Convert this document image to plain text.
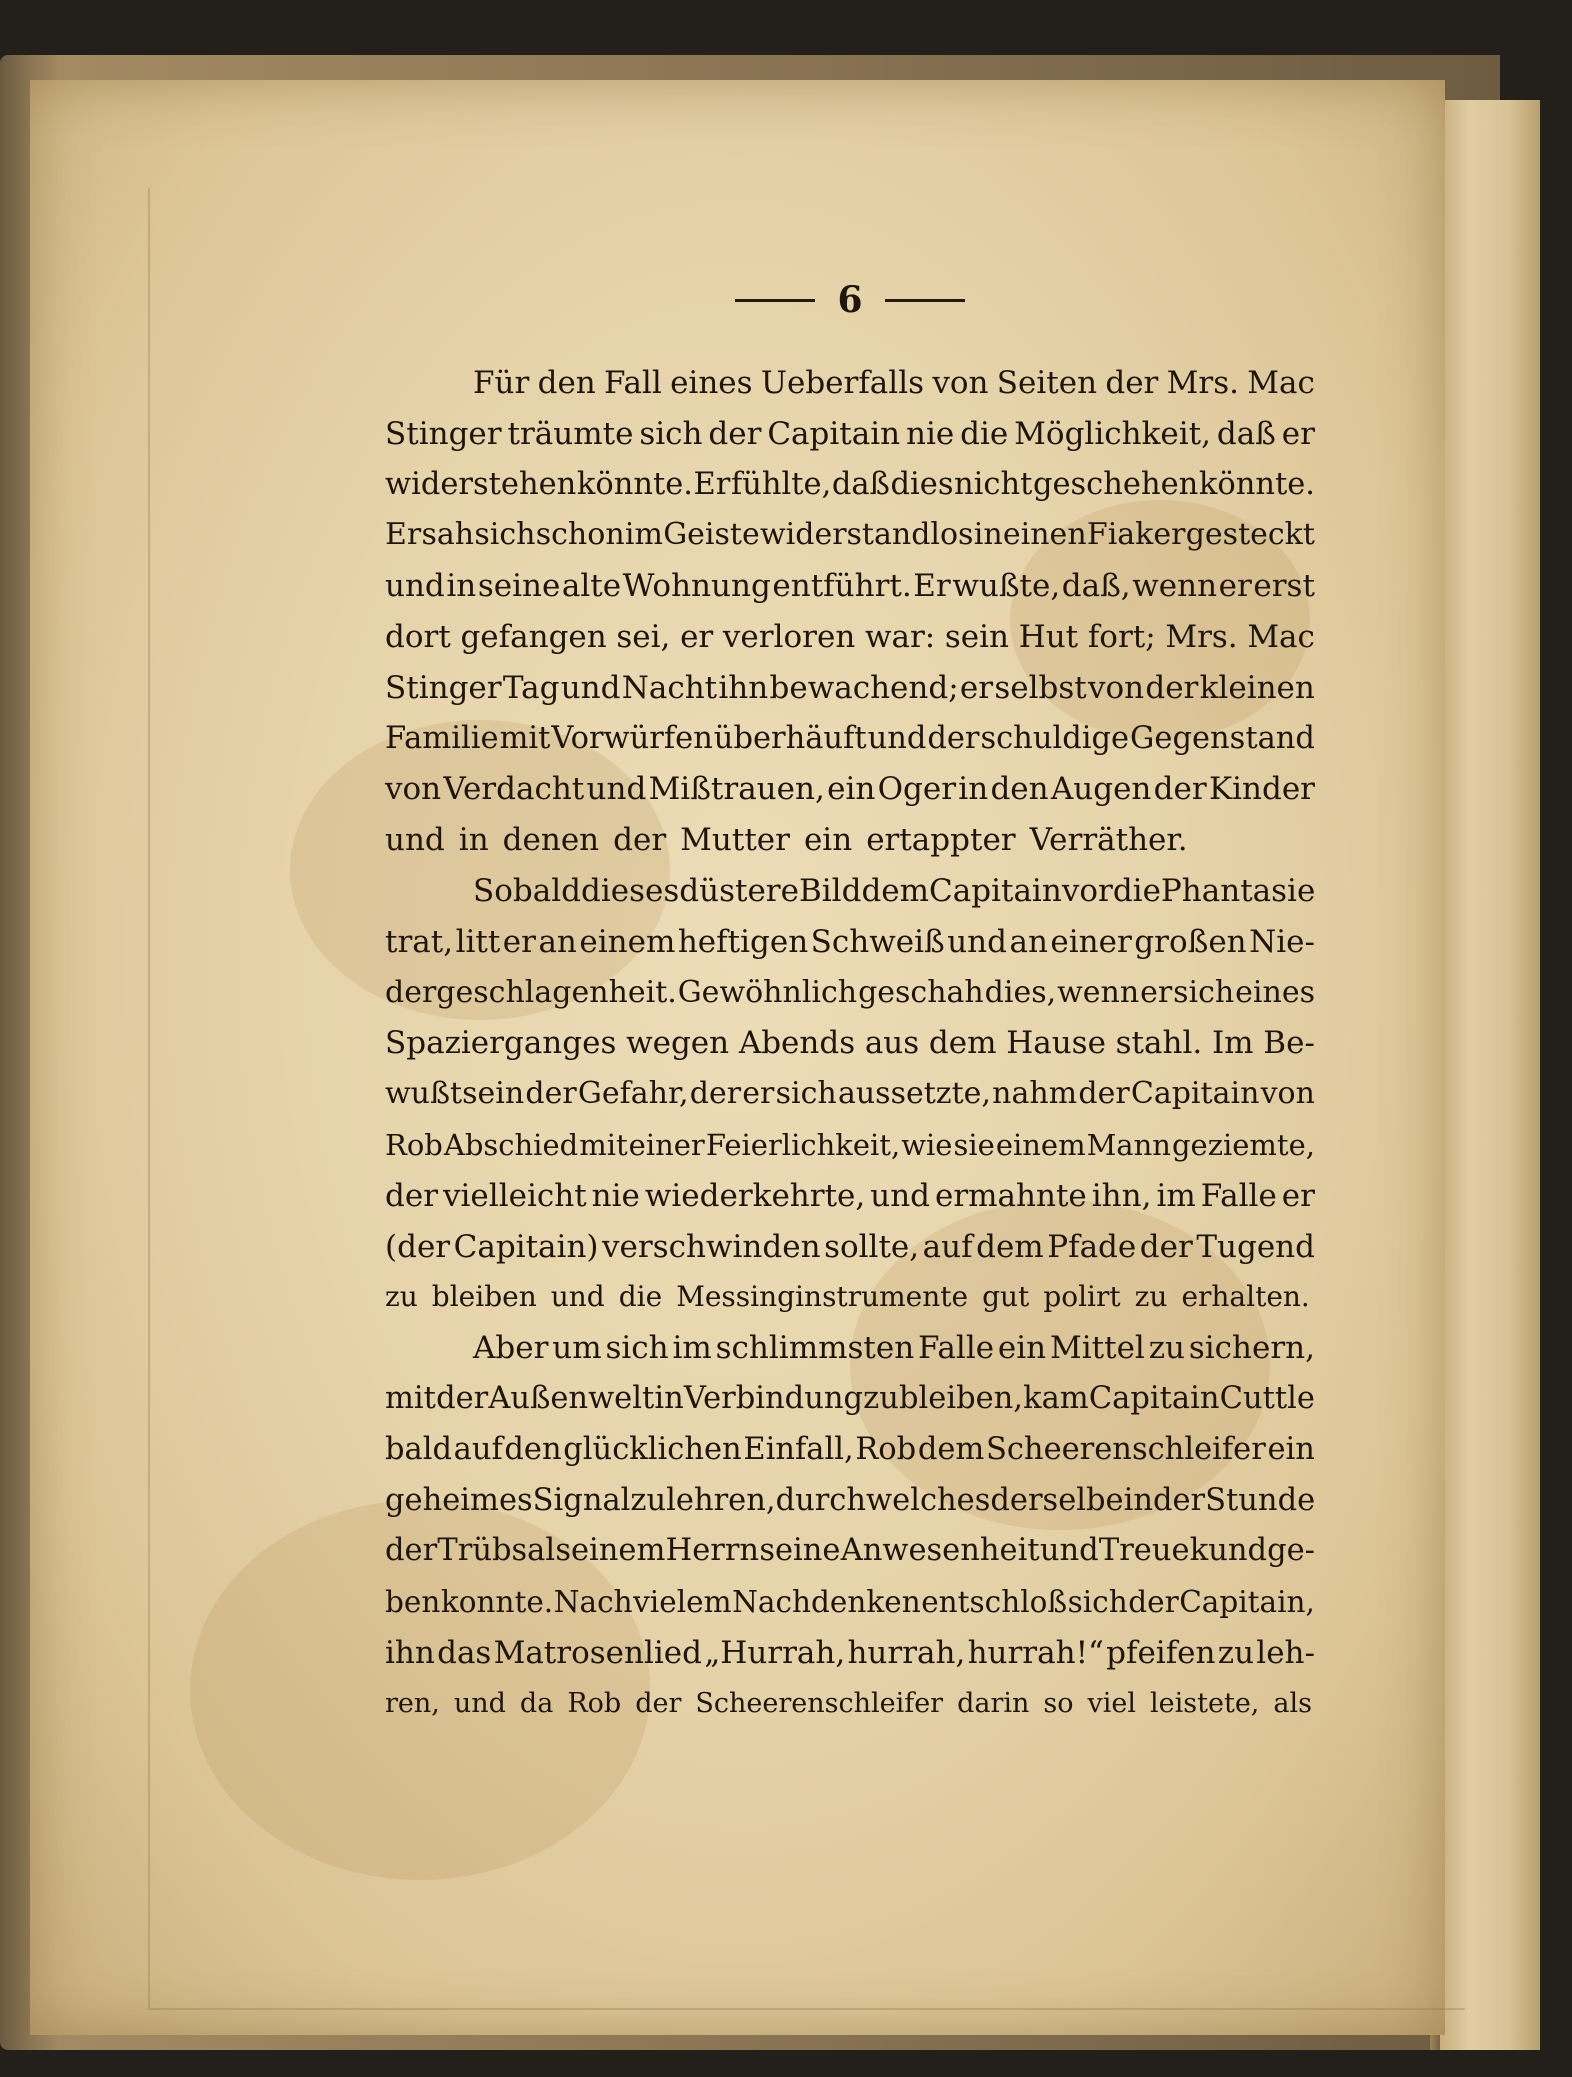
6
Für den Fall eines Ueberfalls von Seiten der Mrs. Mac
Stinger träumte sich der Capitain nie die Möglichkeit, daß er
widerstehen könnte. Er fühlte, daß dies nicht geschehen könnte.
Er sah sich schon im Geiste widerstandlos in einen Fiaker gesteckt
und in seine alte Wohnung entführt. Er wußte, daß, wenn er erst
dort gefangen sei, er verloren war: sein Hut fort; Mrs. Mac
Stinger Tag und Nacht ihn bewachend; er selbst von der kleinen
Familie mit Vorwürfen überhäuft und der schuldige Gegenstand
von Verdacht und Mißtrauen, ein Oger in den Augen der Kinder
und in denen der Mutter ein ertappter Verräther.
Sobald dieses düstere Bild dem Capitain vor die Phantasie
trat, litt er an einem heftigen Schweiß und an einer großen Nie-
dergeschlagenheit. Gewöhnlich geschah dies, wenn er sich eines
Spazierganges wegen Abends aus dem Hause stahl. Im Be-
wußtsein der Gefahr, der er sich aussetzte, nahm der Capitain von
Rob Abschied mit einer Feierlichkeit, wie sie einem Mann geziemte,
der vielleicht nie wiederkehrte, und ermahnte ihn, im Falle er
(der Capitain) verschwinden sollte, auf dem Pfade der Tugend
zu bleiben und die Messinginstrumente gut polirt zu erhalten.
Aber um sich im schlimmsten Falle ein Mittel zu sichern,
mit der Außenwelt in Verbindung zu bleiben, kam Capitain Cuttle
bald auf den glücklichen Einfall, Rob dem Scheerenschleifer ein
geheimes Signal zu lehren, durch welches derselbe in der Stunde
der Trübsal seinem Herrn seine Anwesenheit und Treue kundge-
ben konnte. Nach vielem Nachdenken entschloß sich der Capitain,
ihn das Matrosenlied „Hurrah, hurrah, hurrah!“ pfeifen zu leh-
ren, und da Rob der Scheerenschleifer darin so viel leistete, als
